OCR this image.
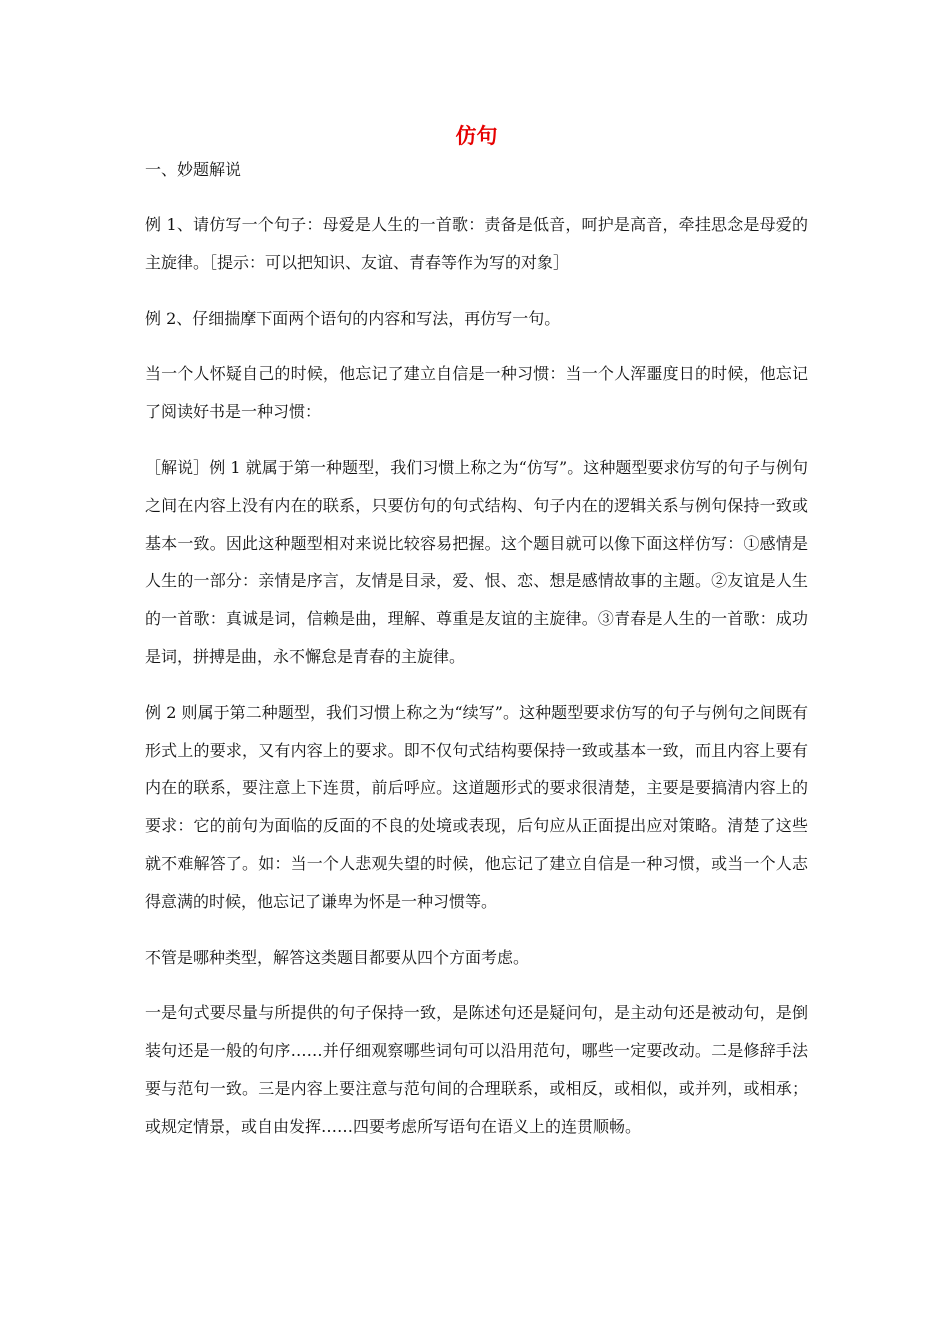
仿句
一、妙题解说

例 1、请仿写一个句子：母爱是人生的一首歌：责备是低音，呵护是高音，牵挂思念是母爱的主旋律。［提示：可以把知识、友谊、青春等作为写的对象］

例 2、仔细揣摩下面两个语句的内容和写法，再仿写一句。

当一个人怀疑自己的时候，他忘记了建立自信是一种习惯：当一个人浑噩度日的时候，他忘记了阅读好书是一种习惯：

［解说］例 1 就属于第一种题型，我们习惯上称之为“仿写”。这种题型要求仿写的句子与例句之间在内容上没有内在的联系，只要仿句的句式结构、句子内在的逻辑关系与例句保持一致或基本一致。因此这种题型相对来说比较容易把握。这个题目就可以像下面这样仿写：①感情是人生的一部分：亲情是序言，友情是目录，爱、恨、恋、想是感情故事的主题。②友谊是人生的一首歌：真诚是词，信赖是曲，理解、尊重是友谊的主旋律。③青春是人生的一首歌：成功是词，拼搏是曲，永不懈怠是青春的主旋律。

例 2 则属于第二种题型，我们习惯上称之为“续写”。这种题型要求仿写的句子与例句之间既有形式上的要求，又有内容上的要求。即不仅句式结构要保持一致或基本一致，而且内容上要有内在的联系，要注意上下连贯，前后呼应。这道题形式的要求很清楚，主要是要搞清内容上的要求：它的前句为面临的反面的不良的处境或表现，后句应从正面提出应对策略。清楚了这些就不难解答了。如：当一个人悲观失望的时候，他忘记了建立自信是一种习惯，或当一个人志得意满的时候，他忘记了谦卑为怀是一种习惯等。

不管是哪种类型，解答这类题目都要从四个方面考虑。

一是句式要尽量与所提供的句子保持一致，是陈述句还是疑问句，是主动句还是被动句，是倒装句还是一般的句序……并仔细观察哪些词句可以沿用范句，哪些一定要改动。二是修辞手法要与范句一致。三是内容上要注意与范句间的合理联系，或相反，或相似，或并列，或相承；或规定情景，或自由发挥……四要考虑所写语句在语义上的连贯顺畅。
